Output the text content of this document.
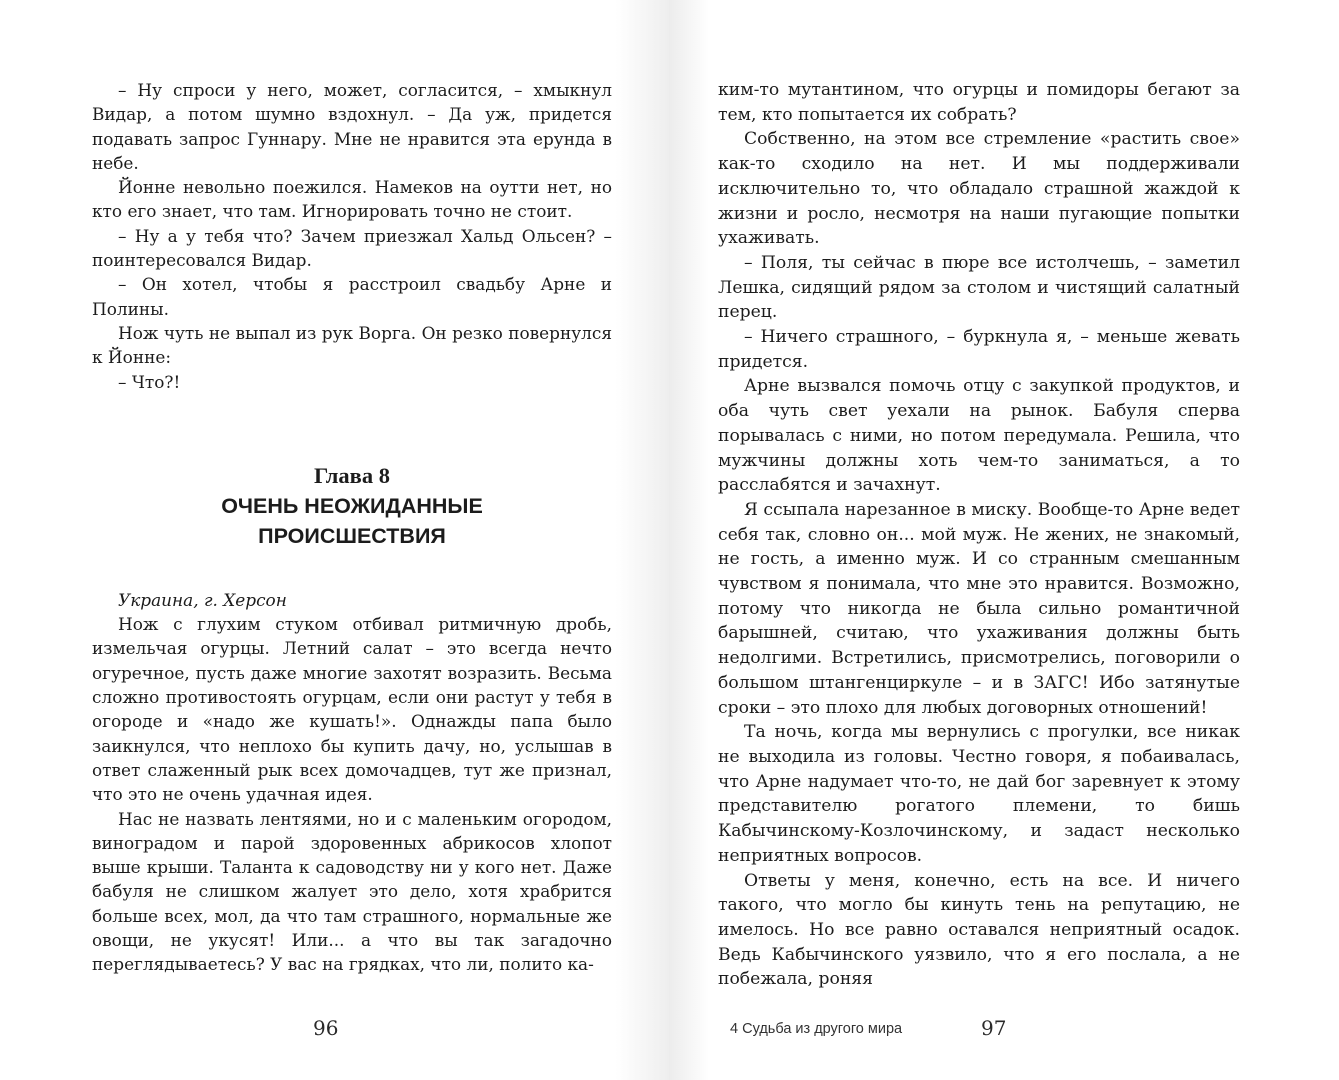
– Ну спроси у него, может, согласится, – хмыкнул Видар, а потом шумно вздохнул. – Да уж, придется подавать запрос Гуннару. Мне не нравится эта ерунда в небе.

Йонне невольно поежился. Намеков на оутти нет, но кто его знает, что там. Игнорировать точно не стоит.

– Ну а у тебя что? Зачем приезжал Хальд Ольсен? – поинтересовался Видар.

– Он хотел, чтобы я расстроил свадьбу Арне и Полины.

Нож чуть не выпал из рук Ворга. Он резко повернулся к Йонне:

– Что?!

Глава 8
ОЧЕНЬ НЕОЖИДАННЫЕ
ПРОИСШЕСТВИЯ

Украина, г. Херсон

Нож с глухим стуком отбивал ритмичную дробь, измельчая огурцы. Летний салат – это всегда нечто огуречное, пусть даже многие захотят возразить. Весьма сложно противостоять огурцам, если они растут у тебя в огороде и «надо же кушать!». Однажды папа было заикнулся, что неплохо бы купить дачу, но, услышав в ответ слаженный рык всех домочадцев, тут же признал, что это не очень удачная идея.

Нас не назвать лентяями, но и с маленьким огородом, виноградом и парой здоровенных абрикосов хлопот выше крыши. Таланта к садоводству ни у кого нет. Даже бабуля не слишком жалует это дело, хотя храбрится больше всех, мол, да что там страшного, нормальные же овощи, не укусят! Или... а что вы так загадочно переглядываетесь? У вас на грядках, что ли, полито ка-

96

ким-то мутантином, что огурцы и помидоры бегают за тем, кто попытается их собрать?

Собственно, на этом все стремление «растить свое» как-то сходило на нет. И мы поддерживали исключительно то, что обладало страшной жаждой к жизни и росло, несмотря на наши пугающие попытки ухаживать.

– Поля, ты сейчас в пюре все истолчешь, – заметил Лешка, сидящий рядом за столом и чистящий салатный перец.

– Ничего страшного, – буркнула я, – меньше жевать придется.

Арне вызвался помочь отцу с закупкой продуктов, и оба чуть свет уехали на рынок. Бабуля сперва порывалась с ними, но потом передумала. Решила, что мужчины должны хоть чем-то заниматься, а то расслабятся и зачахнут.

Я ссыпала нарезанное в миску. Вообще-то Арне ведет себя так, словно он... мой муж. Не жених, не знакомый, не гость, а именно муж. И со странным смешанным чувством я понимала, что мне это нравится. Возможно, потому что никогда не была сильно романтичной барышней, считаю, что ухаживания должны быть недолгими. Встретились, присмотрелись, поговорили о большом штангенциркуле – и в ЗАГС! Ибо затянутые сроки – это плохо для любых договорных отношений!

Та ночь, когда мы вернулись с прогулки, все никак не выходила из головы. Честно говоря, я побаивалась, что Арне надумает что-то, не дай бог заревнует к этому представителю рогатого племени, то бишь Кабычинскому-Козлочинскому, и задаст несколько неприятных вопросов.

Ответы у меня, конечно, есть на все. И ничего такого, что могло бы кинуть тень на репутацию, не имелось. Но все равно оставался неприятный осадок. Ведь Кабычинского уязвило, что я его послала, а не побежала, роняя

4 Судьба из другого мира	97
